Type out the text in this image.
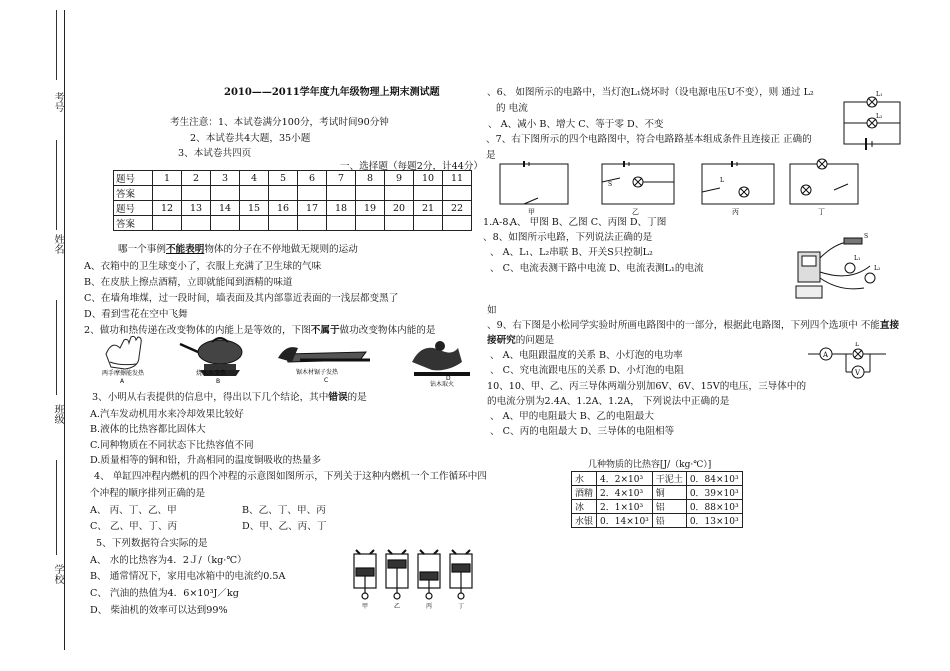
考号
姓名
班级
学校
2010——2011学年度九年级物理上期末测试题
考生注意：1、本试卷满分100分，考试时间90分钟
2、本试卷共4大题，35小题
3、本试卷共四页
一、选择题（每题2分，计44分）
题号	1	2	3	4	5	6	7	8	9	10	11
答案											
题号	12	13	14	15	16	17	18	19	20	21	22
答案											
哪一个事例不能表明物体的分子在不停地做无规则的运动
A、衣箱中的卫生球变小了，衣服上充满了卫生球的气味
B、在皮肤上擦点酒精，立即就能闻到酒精的味道
C、在墙角堆煤，过一段时间，墙表面及其内部靠近表面的一浅层都变黑了
D、看到雪花在空中飞舞
2、做功和热传递在改变物体的内能上是等效的，下图不属于做功改变物体内能的是
两手摩擦能发热	烧水水变热	锯木材锯子发热
钻木取火
A	B	C	D
3、小明从右表提供的信息中，得出以下几个结论，其中错误的是
A.汽车发动机用水来冷却效果比较好
B.液体的比热容都比固体大
C.同种物质在不同状态下比热容值不同
D.质量相等的铜和铅，升高相同的温度铜吸收的热量多
4、 单缸四冲程内燃机的四个冲程的示意图如图所示，下列关于这种内燃机一个工作循环中四
个冲程的顺序排列正确的是
A、 丙、丁、乙、甲	B、乙、丁、甲、丙
C、 乙、甲、丁、丙	D、甲、乙、丙、丁
5、下列数据符合实际的是
A、 水的比热容为4．2Ｊ/（kg·℃）
B、 通常情况下，家用电冰箱中的电流约0.5A
C、 汽油的热值为4．6×10³J／kg
D、 柴油机的效率可以达到99%	甲	乙	丙	丁
、6、 如图所示的电路中，当灯泡L₁烧坏时（设电源电压U不变），则 通过 L₂
的 电流
、 A、减小 B、增大 C、等于零 D、不变
L₁
L₂
、7、右下图所示的四个电路图中，符合电路路基本组成条件且连接正 正确的
是
S
L
甲	乙	丙	丁
1.A-8、
A、 甲图 B、乙图 C、丙图 D、丁图
、8、如图所示电路，下列说法正确的是
、 A、L₁、L₂串联 B、开关S只控制L₂
、 C、电流表测干路中电流 D、电流表测L₁的电流
S
L₁
L₂
如
、9、右下图是小松同学实验时所画电路图中的一部分，根据此电路图，下列四个选项中 不能直接
接研究的问题是
、 A、电阻跟温度的关系 B、小灯泡的电功率
、 C、究电流跟电压的关系 D、小灯泡的电阻
A
V
L
10、10、甲、乙、丙三导体两端分别加6V、6V、15V的电压，三导体中的
的电流分别为2.4A、1.2A、1.2A， 下列说法中正确的是
、 A、甲的电阻最大 B、乙的电阻最大
、 C、丙的电阻最大 D、三导体的电阻相等
几种物质的比热容[J/（kg·℃）]
水	4．2×10³	干泥土	0．84×10³
酒精	2．4×10³	铜	0．39×10³
冰	2．1×10³	铝	0．88×10³
水银	0．14×10³	铅	0．13×10³
